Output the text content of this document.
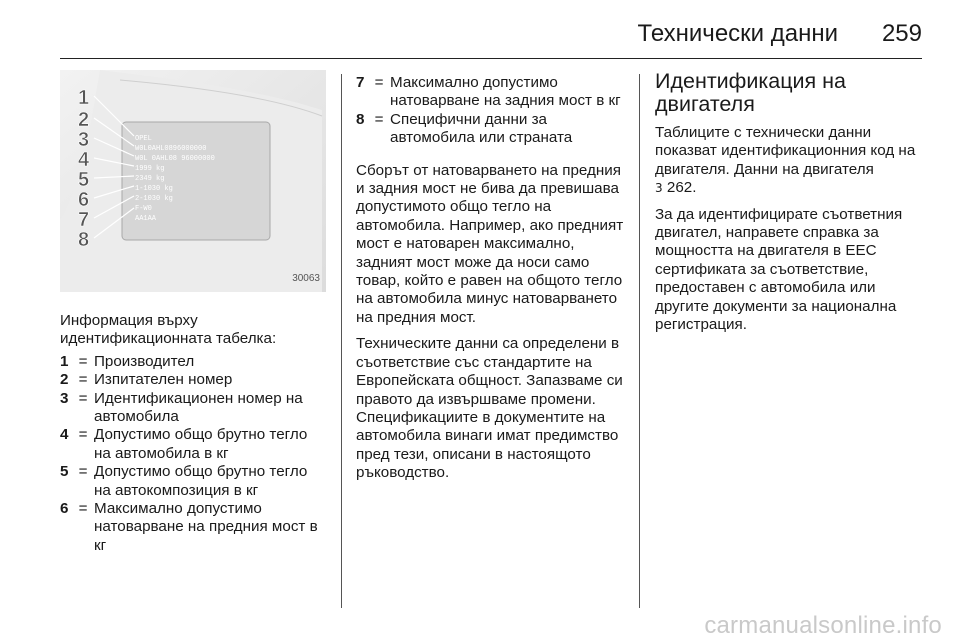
Технически данни 259
OPEL
W0L0AHL0896000000
W0L 0AHL08 96000000
1999 kg
2349 kg
1-1030 kg
2-1030 kg
F-W0
AA1AA
1
2
3
4
5
6
7
8
30063

Информация върху идентификационната табелка:

1 = Производител
2 = Изпитателен номер
3 = Идентификационен номер на автомобила
4 = Допустимо общо брутно тегло на автомобила в кг
5 = Допустимо общо брутно тегло на автокомпозиция в кг
6 = Максимално допустимо натоварване на предния мост в кг
7 = Максимално допустимо натоварване на задния мост в кг
8 = Специфични данни за автомобила или страната

Сборът от натоварването на предния и задния мост не бива да превишава допустимото общо тегло на автомобила. Например, ако предният мост е натоварен максимално, задният мост може да носи само товар, който е равен на общото тегло на автомобила минус натоварването на предния мост.

Техническите данни са определени в съответствие със стандартите на Европейската общност. Запазваме си правото да извършваме промени. Спецификациите в документите на автомобила винаги имат предимство пред тези, описани в настоящото ръководство.

Идентификация на двигателя

Таблиците с технически данни показват идентификационния код на двигателя. Данни на двигателя
3 262.

За да идентифицирате съответния двигател, направете справка за мощността на двигателя в ЕЕС сертификата за съответствие, предоставен с автомобила или другите документи за национална регистрация.

carmanualsonline.info
